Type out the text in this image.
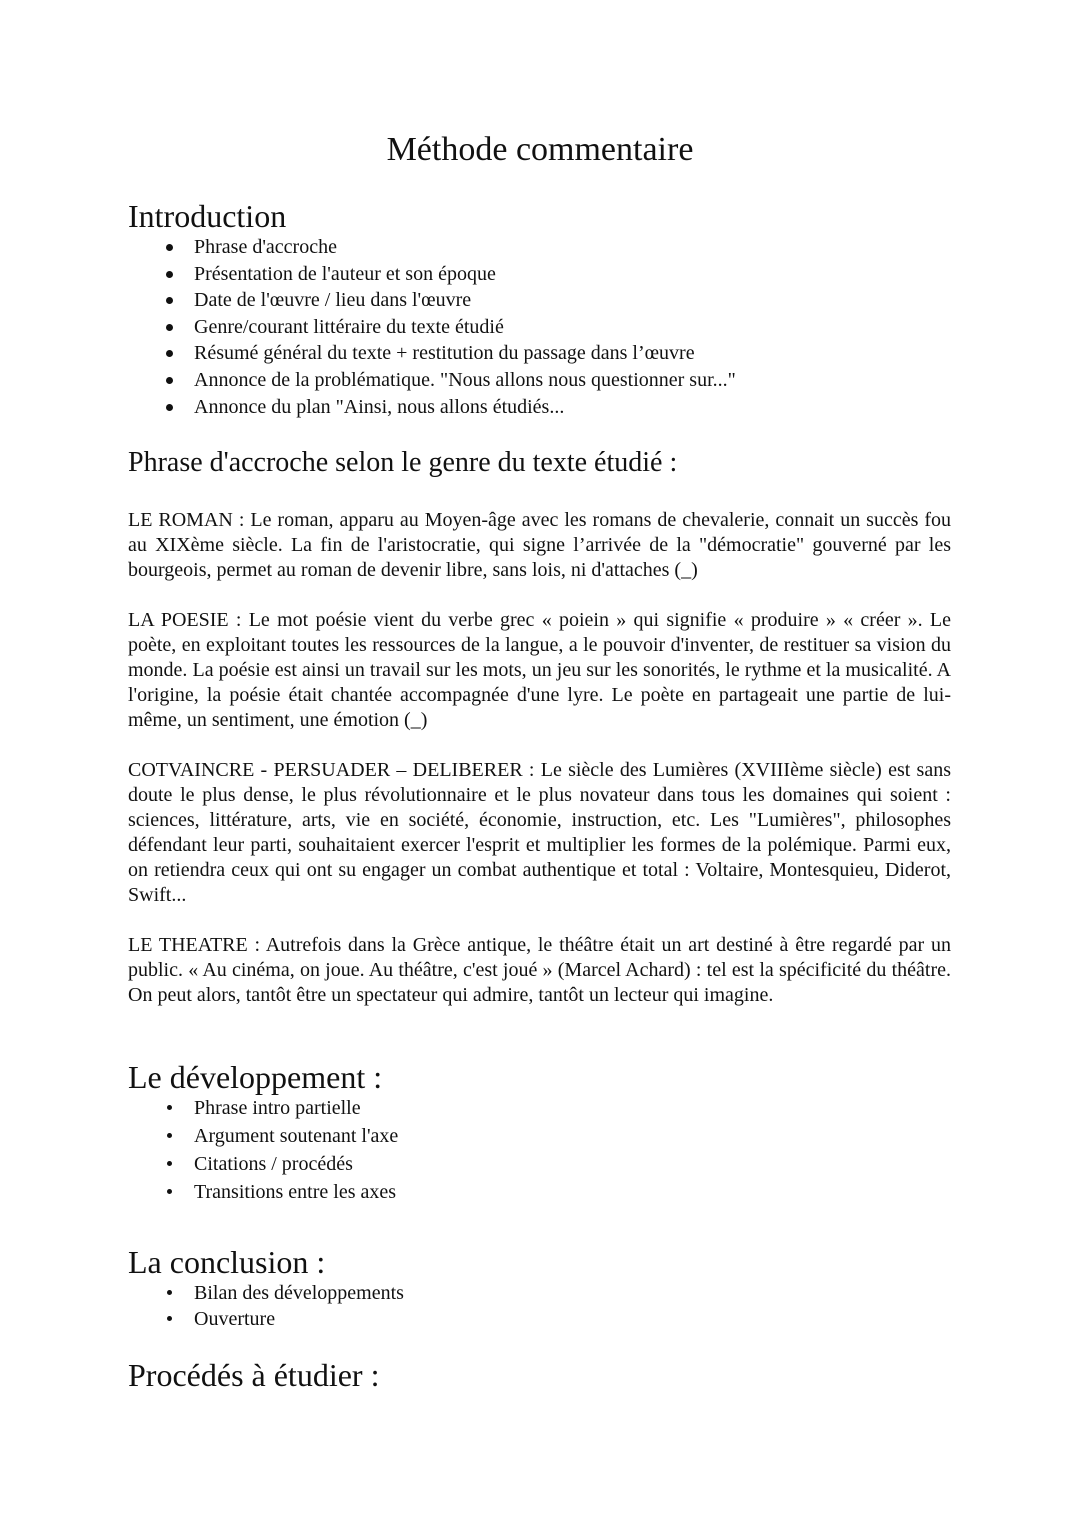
Méthode commentaire
Introduction
Phrase d'accroche
Présentation de l'auteur et son époque
Date de l'œuvre / lieu dans l'œuvre
Genre/courant littéraire du texte étudié
Résumé général du texte + restitution du passage dans l’œuvre
Annonce de la problématique. "Nous allons nous questionner sur..."
Annonce du plan "Ainsi, nous allons étudiés...
Phrase d'accroche selon le genre du texte étudié :

LE ROMAN : Le roman, apparu au Moyen-âge avec les romans de chevalerie, connait un succès fou au XIXème siècle. La fin de l'aristocratie, qui signe l’arrivée de la "démocratie" gouverné par les bourgeois, permet au roman de devenir libre, sans lois, ni d'attaches (_)

LA POESIE : Le mot poésie vient du verbe grec « poiein » qui signifie « produire » « créer ». Le poète, en exploitant toutes les ressources de la langue, a le pouvoir d'inventer, de restituer sa vision du monde. La poésie est ainsi un travail sur les mots, un jeu sur les sonorités, le rythme et la musicalité. A l'origine, la poésie était chantée accompagnée d'une lyre. Le poète en partageait une partie de lui-même, un sentiment, une émotion (_)

COTVAINCRE - PERSUADER – DELIBERER : Le siècle des Lumières (XVIIIème siècle) est sans doute le plus dense, le plus révolutionnaire et le plus novateur dans tous les domaines qui soient : sciences, littérature, arts, vie en société, économie, instruction, etc. Les "Lumières", philosophes défendant leur parti, souhaitaient exercer l'esprit et multiplier les formes de la polémique. Parmi eux, on retiendra ceux qui ont su engager un combat authentique et total : Voltaire, Montesquieu, Diderot, Swift...

LE THEATRE : Autrefois dans la Grèce antique, le théâtre était un art destiné à être regardé par un public. « Au cinéma, on joue. Au théâtre, c'est joué » (Marcel Achard) : tel est la spécificité du théâtre. On peut alors, tantôt être un spectateur qui admire, tantôt un lecteur qui imagine.

Le développement :
Phrase intro partielle
Argument soutenant l'axe
Citations / procédés
Transitions entre les axes
La conclusion :
Bilan des développements
Ouverture
Procédés à étudier :
